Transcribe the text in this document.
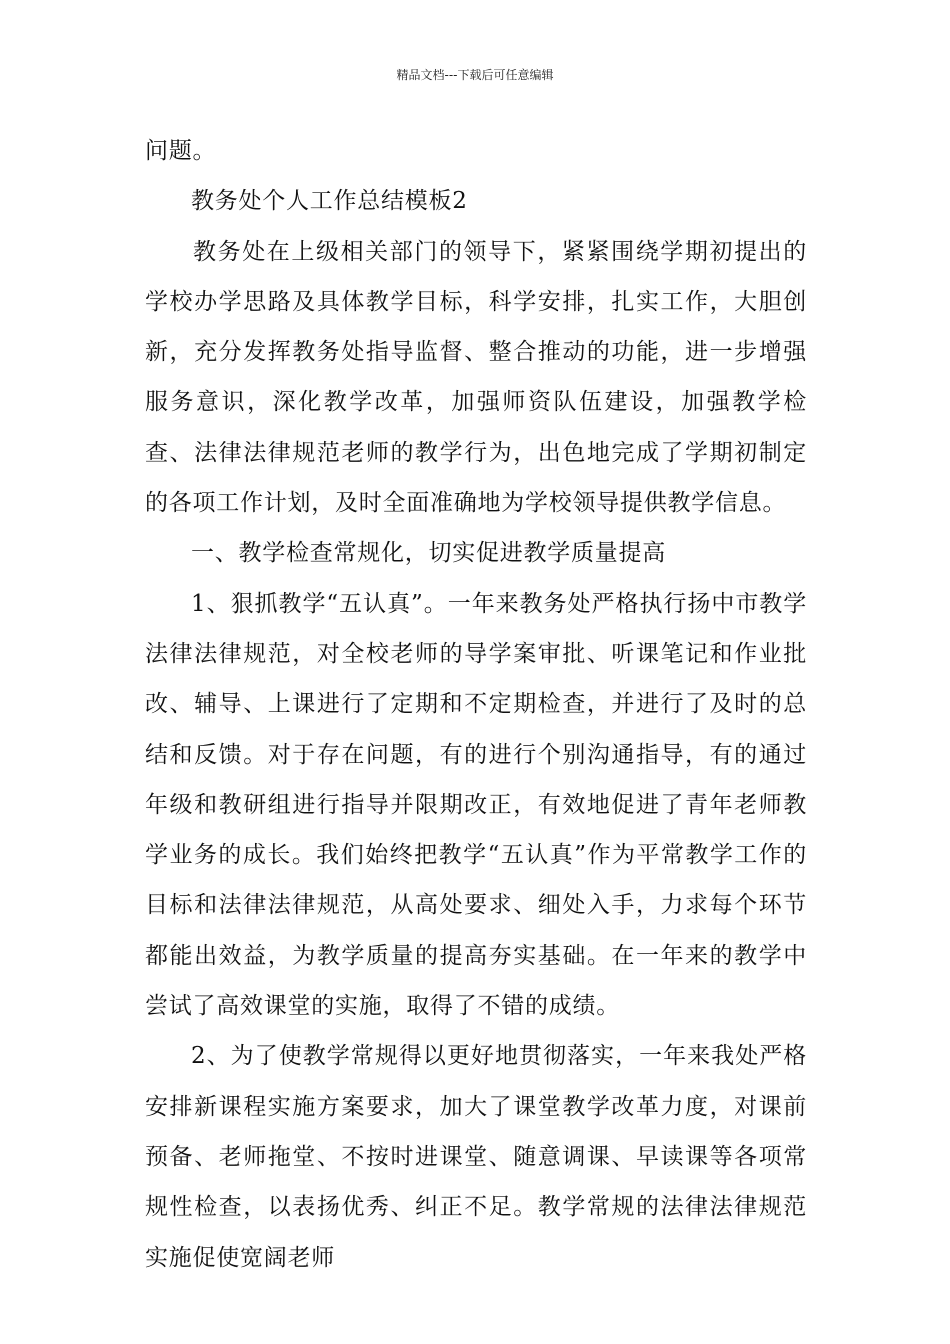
精品文档---下载后可任意编辑

问题。

教务处个人工作总结模板2

教务处在上级相关部门的领导下，紧紧围绕学期初提出的学校办学思路及具体教学目标，科学安排，扎实工作，大胆创新，充分发挥教务处指导监督、整合推动的功能，进一步增强服务意识，深化教学改革，加强师资队伍建设，加强教学检查、法律法律规范老师的教学行为，出色地完成了学期初制定的各项工作计划，及时全面准确地为学校领导提供教学信息。

一、教学检查常规化，切实促进教学质量提高

1、狠抓教学“五认真”。一年来教务处严格执行扬中市教学法律法律规范，对全校老师的导学案审批、听课笔记和作业批改、辅导、上课进行了定期和不定期检查，并进行了及时的总结和反馈。对于存在问题，有的进行个别沟通指导，有的通过年级和教研组进行指导并限期改正，有效地促进了青年老师教学业务的成长。我们始终把教学“五认真”作为平常教学工作的目标和法律法律规范，从高处要求、细处入手，力求每个环节都能出效益，为教学质量的提高夯实基础。在一年来的教学中尝试了高效课堂的实施，取得了不错的成绩。

2、为了使教学常规得以更好地贯彻落实，一年来我处严格安排新课程实施方案要求，加大了课堂教学改革力度，对课前预备、老师拖堂、不按时进课堂、随意调课、早读课等各项常规性检查，以表扬优秀、纠正不足。教学常规的法律法律规范实施促使宽阔老师
